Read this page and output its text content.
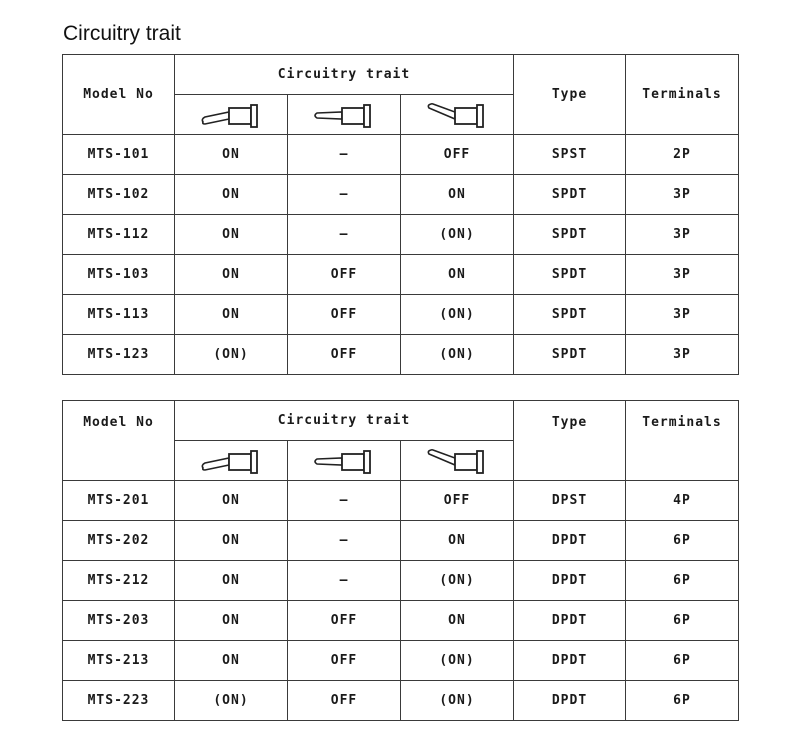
Circuitry trait
Model No	Circuitry trait			Type	Terminals

MTS-101	ON	—	OFF	SPST	2P
MTS-102	ON	—	ON	SPDT	3P
MTS-112	ON	—	(ON)	SPDT	3P
MTS-103	ON	OFF	ON	SPDT	3P
MTS-113	ON	OFF	(ON)	SPDT	3P
MTS-123	(ON)	OFF	(ON)	SPDT	3P
Model No	Circuitry trait			Type	Terminals

MTS-201	ON	—	OFF	DPST	4P
MTS-202	ON	—	ON	DPDT	6P
MTS-212	ON	—	(ON)	DPDT	6P
MTS-203	ON	OFF	ON	DPDT	6P
MTS-213	ON	OFF	(ON)	DPDT	6P
MTS-223	(ON)	OFF	(ON)	DPDT	6P
